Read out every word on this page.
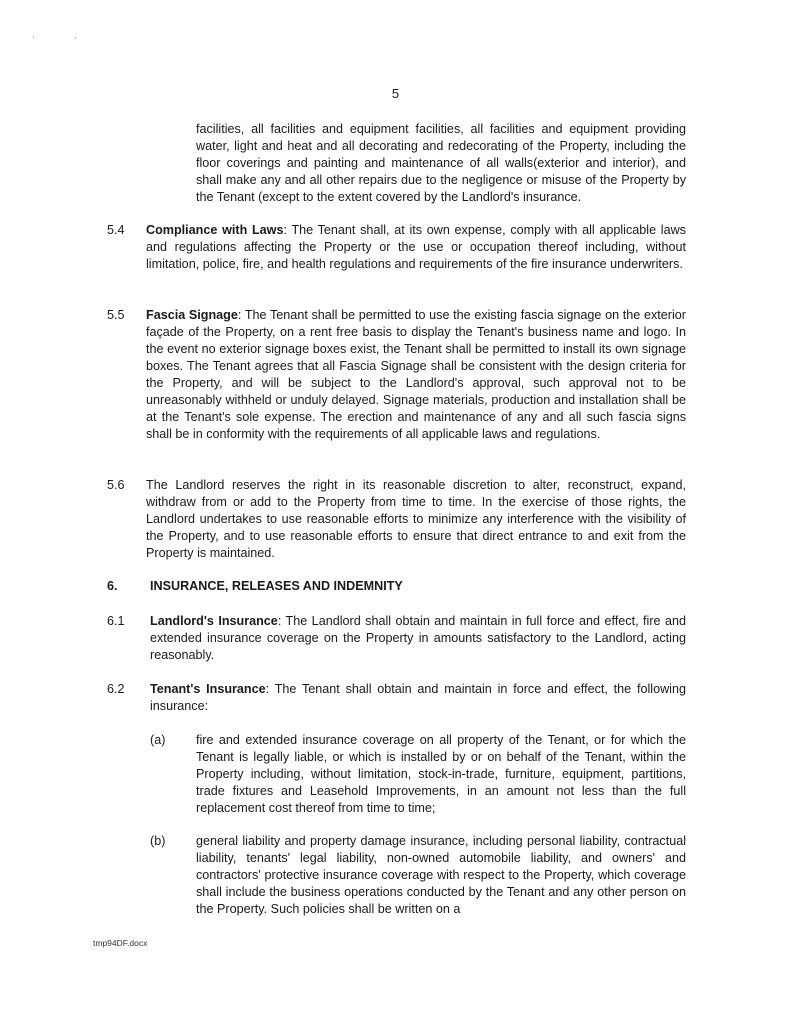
5
facilities, all facilities and equipment facilities, all facilities and equipment providing water, light and heat and all decorating and redecorating of the Property, including the floor coverings and painting and maintenance of all walls(exterior and interior), and shall make any and all other repairs due to the negligence or misuse of the Property by the Tenant (except to the extent covered by the Landlord's insurance.
5.4 Compliance with Laws: The Tenant shall, at its own expense, comply with all applicable laws and regulations affecting the Property or the use or occupation thereof including, without limitation, police, fire, and health regulations and requirements of the fire insurance underwriters.
5.5 Fascia Signage: The Tenant shall be permitted to use the existing fascia signage on the exterior façade of the Property, on a rent free basis to display the Tenant's business name and logo. In the event no exterior signage boxes exist, the Tenant shall be permitted to install its own signage boxes. The Tenant agrees that all Fascia Signage shall be consistent with the design criteria for the Property, and will be subject to the Landlord's approval, such approval not to be unreasonably withheld or unduly delayed. Signage materials, production and installation shall be at the Tenant's sole expense. The erection and maintenance of any and all such fascia signs shall be in conformity with the requirements of all applicable laws and regulations.
5.6 The Landlord reserves the right in its reasonable discretion to alter, reconstruct, expand, withdraw from or add to the Property from time to time. In the exercise of those rights, the Landlord undertakes to use reasonable efforts to minimize any interference with the visibility of the Property, and to use reasonable efforts to ensure that direct entrance to and exit from the Property is maintained.
6.	INSURANCE, RELEASES AND INDEMNITY
6.1 Landlord's Insurance: The Landlord shall obtain and maintain in full force and effect, fire and extended insurance coverage on the Property in amounts satisfactory to the Landlord, acting reasonably.
6.2 Tenant's Insurance: The Tenant shall obtain and maintain in force and effect, the following insurance:
(a) fire and extended insurance coverage on all property of the Tenant, or for which the Tenant is legally liable, or which is installed by or on behalf of the Tenant, within the Property including, without limitation, stock-in-trade, furniture, equipment, partitions, trade fixtures and Leasehold Improvements, in an amount not less than the full replacement cost thereof from time to time;
(b) general liability and property damage insurance, including personal liability, contractual liability, tenants' legal liability, non-owned automobile liability, and owners' and contractors' protective insurance coverage with respect to the Property, which coverage shall include the business operations conducted by the Tenant and any other person on the Property. Such policies shall be written on a
tmp94DF.docx
